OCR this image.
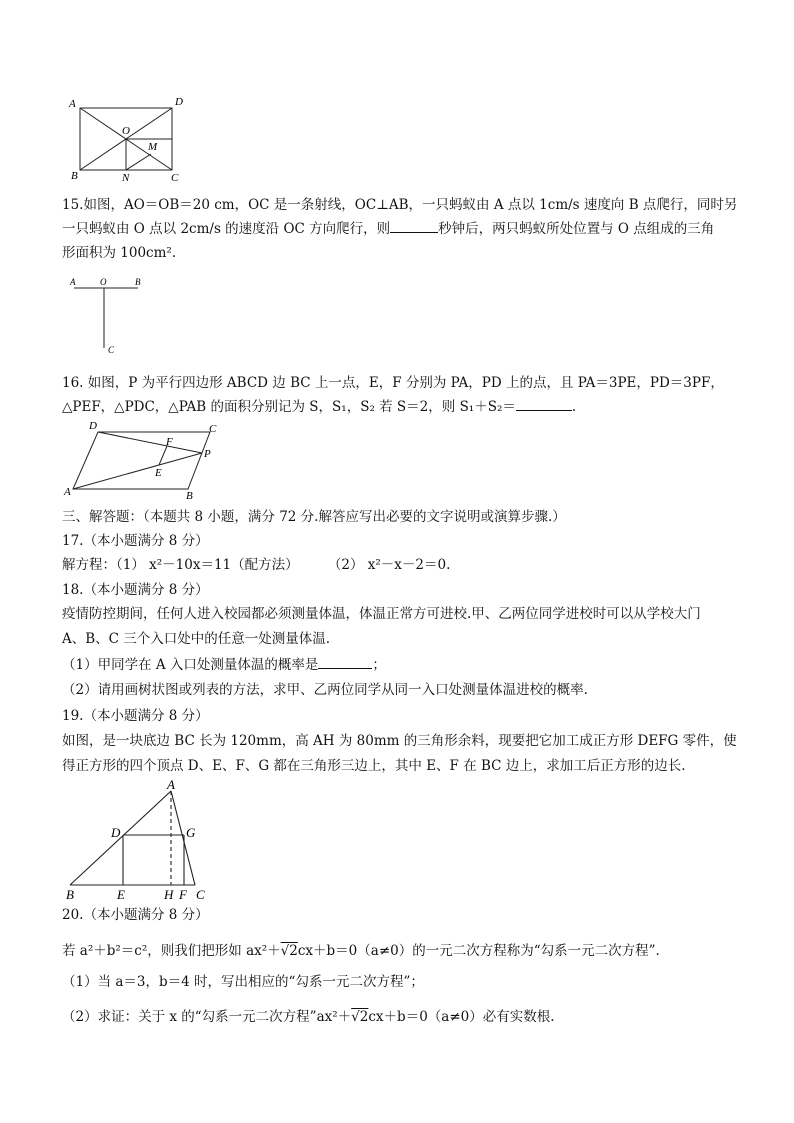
A	D
O
M
B	N	C
15.如图，AO＝OB＝20 cm，OC 是一条射线，OC⊥AB，一只蚂蚁由 A 点以 1cm/s 速度向 B 点爬行，同时另
一只蚂蚁由 O 点以 2cm/s 的速度沿 OC 方向爬行，则	秒钟后，两只蚂蚁所处位置与 O 点组成的三角
形面积为 100cm².
A	O	B
C
16. 如图，P 为平行四边形 ABCD 边 BC 上一点，E，F 分别为 PA，PD 上的点，且 PA＝3PE，PD＝3PF，
△PEF，△PDC，△PAB 的面积分别记为 S，S₁，S₂ 若 S＝2，则 S₁＋S₂＝	.
D	C
F
P
E
A	B
三、解答题：（本题共 8 小题，满分 72 分.解答应写出必要的文字说明或演算步骤.）
17.（本小题满分 8 分）
解方程：（1） x²－10x＝11（配方法）	（2） x²－x－2＝0.
18.（本小题满分 8 分）
疫情防控期间，任何人进入校园都必须测量体温，体温正常方可进校.甲、乙两位同学进校时可以从学校大门
A、B、C 三个入口处中的任意一处测量体温.
（1）甲同学在 A 入口处测量体温的概率是	；
（2）请用画树状图或列表的方法，求甲、乙两位同学从同一入口处测量体温进校的概率.
19.（本小题满分 8 分）
如图，是一块底边 BC 长为 120mm，高 AH 为 80mm 的三角形余料，现要把它加工成正方形 DEFG 零件，使
得正方形的四个顶点 D、E、F、G 都在三角形三边上，其中 E、F 在 BC 边上，求加工后正方形的边长.
A
D	G
B	E	H F C
20.（本小题满分 8 分）
若 a²＋b²＝c²，则我们把形如 ax²＋√2cx＋b＝0（a≠0）的一元二次方程称为“勾系一元二次方程”.
（1）当 a＝3，b＝4 时，写出相应的“勾系一元二次方程”；
（2）求证：关于 x 的“勾系一元二次方程”ax²＋√2cx＋b＝0（a≠0）必有实数根.
